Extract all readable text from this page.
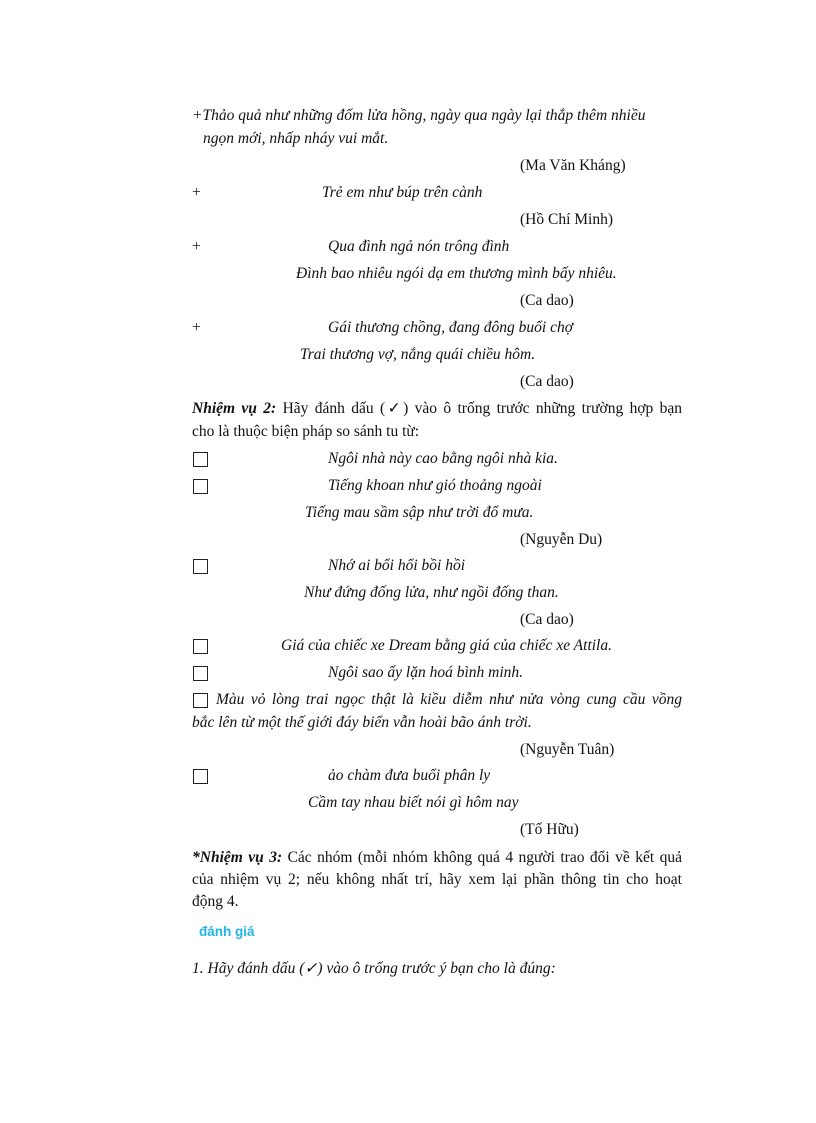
+Thảo quả như những đốm lửa hồng, ngày qua ngày lại thắp thêm nhiều
ngọn mới, nhấp nháy vui mắt.
(Ma Văn Kháng)
+	Trẻ em như búp trên cành
(Hồ Chí Minh)
+	Qua đình ngả nón trông đình
Đình bao nhiêu ngói dạ em thương mình bấy nhiêu.
(Ca dao)
+	Gái thương chồng, đang đông buổi chợ
Trai thương vợ, nắng quái chiều hôm.
(Ca dao)
Nhiệm vụ 2: Hãy đánh dấu (✓) vào ô trống trước những trường hợp bạn
cho là thuộc biện pháp so sánh tu từ:
Ngôi nhà này cao bằng ngôi nhà kia.
Tiếng khoan như gió thoảng ngoài
Tiếng mau sầm sập như trời đổ mưa.
(Nguyễn Du)
Nhớ ai bổi hổi bồi hồi
Như đứng đống lửa, như ngồi đống than.
(Ca dao)
Giá của chiếc xe Dream bằng giá của chiếc xe Attila.
Ngôi sao ấy lặn hoá bình minh.
Màu vỏ lòng trai ngọc thật là kiều diễm như nửa vòng cung cầu vồng
bắc lên từ một thế giới đáy biển vẫn hoài bão ánh trời.
(Nguyễn Tuân)
ảo chàm đưa buổi phân ly
Cầm tay nhau biết nói gì hôm nay
(Tố Hữu)
*Nhiệm vụ 3: Các nhóm (mỗi nhóm không quá 4 người trao đổi về kết quả
của nhiệm vụ 2; nếu không nhất trí, hãy xem lại phần thông tin cho hoạt
động 4.
đánh giá
1. Hãy đánh dấu (✓) vào ô trống trước ý bạn cho là đúng:
